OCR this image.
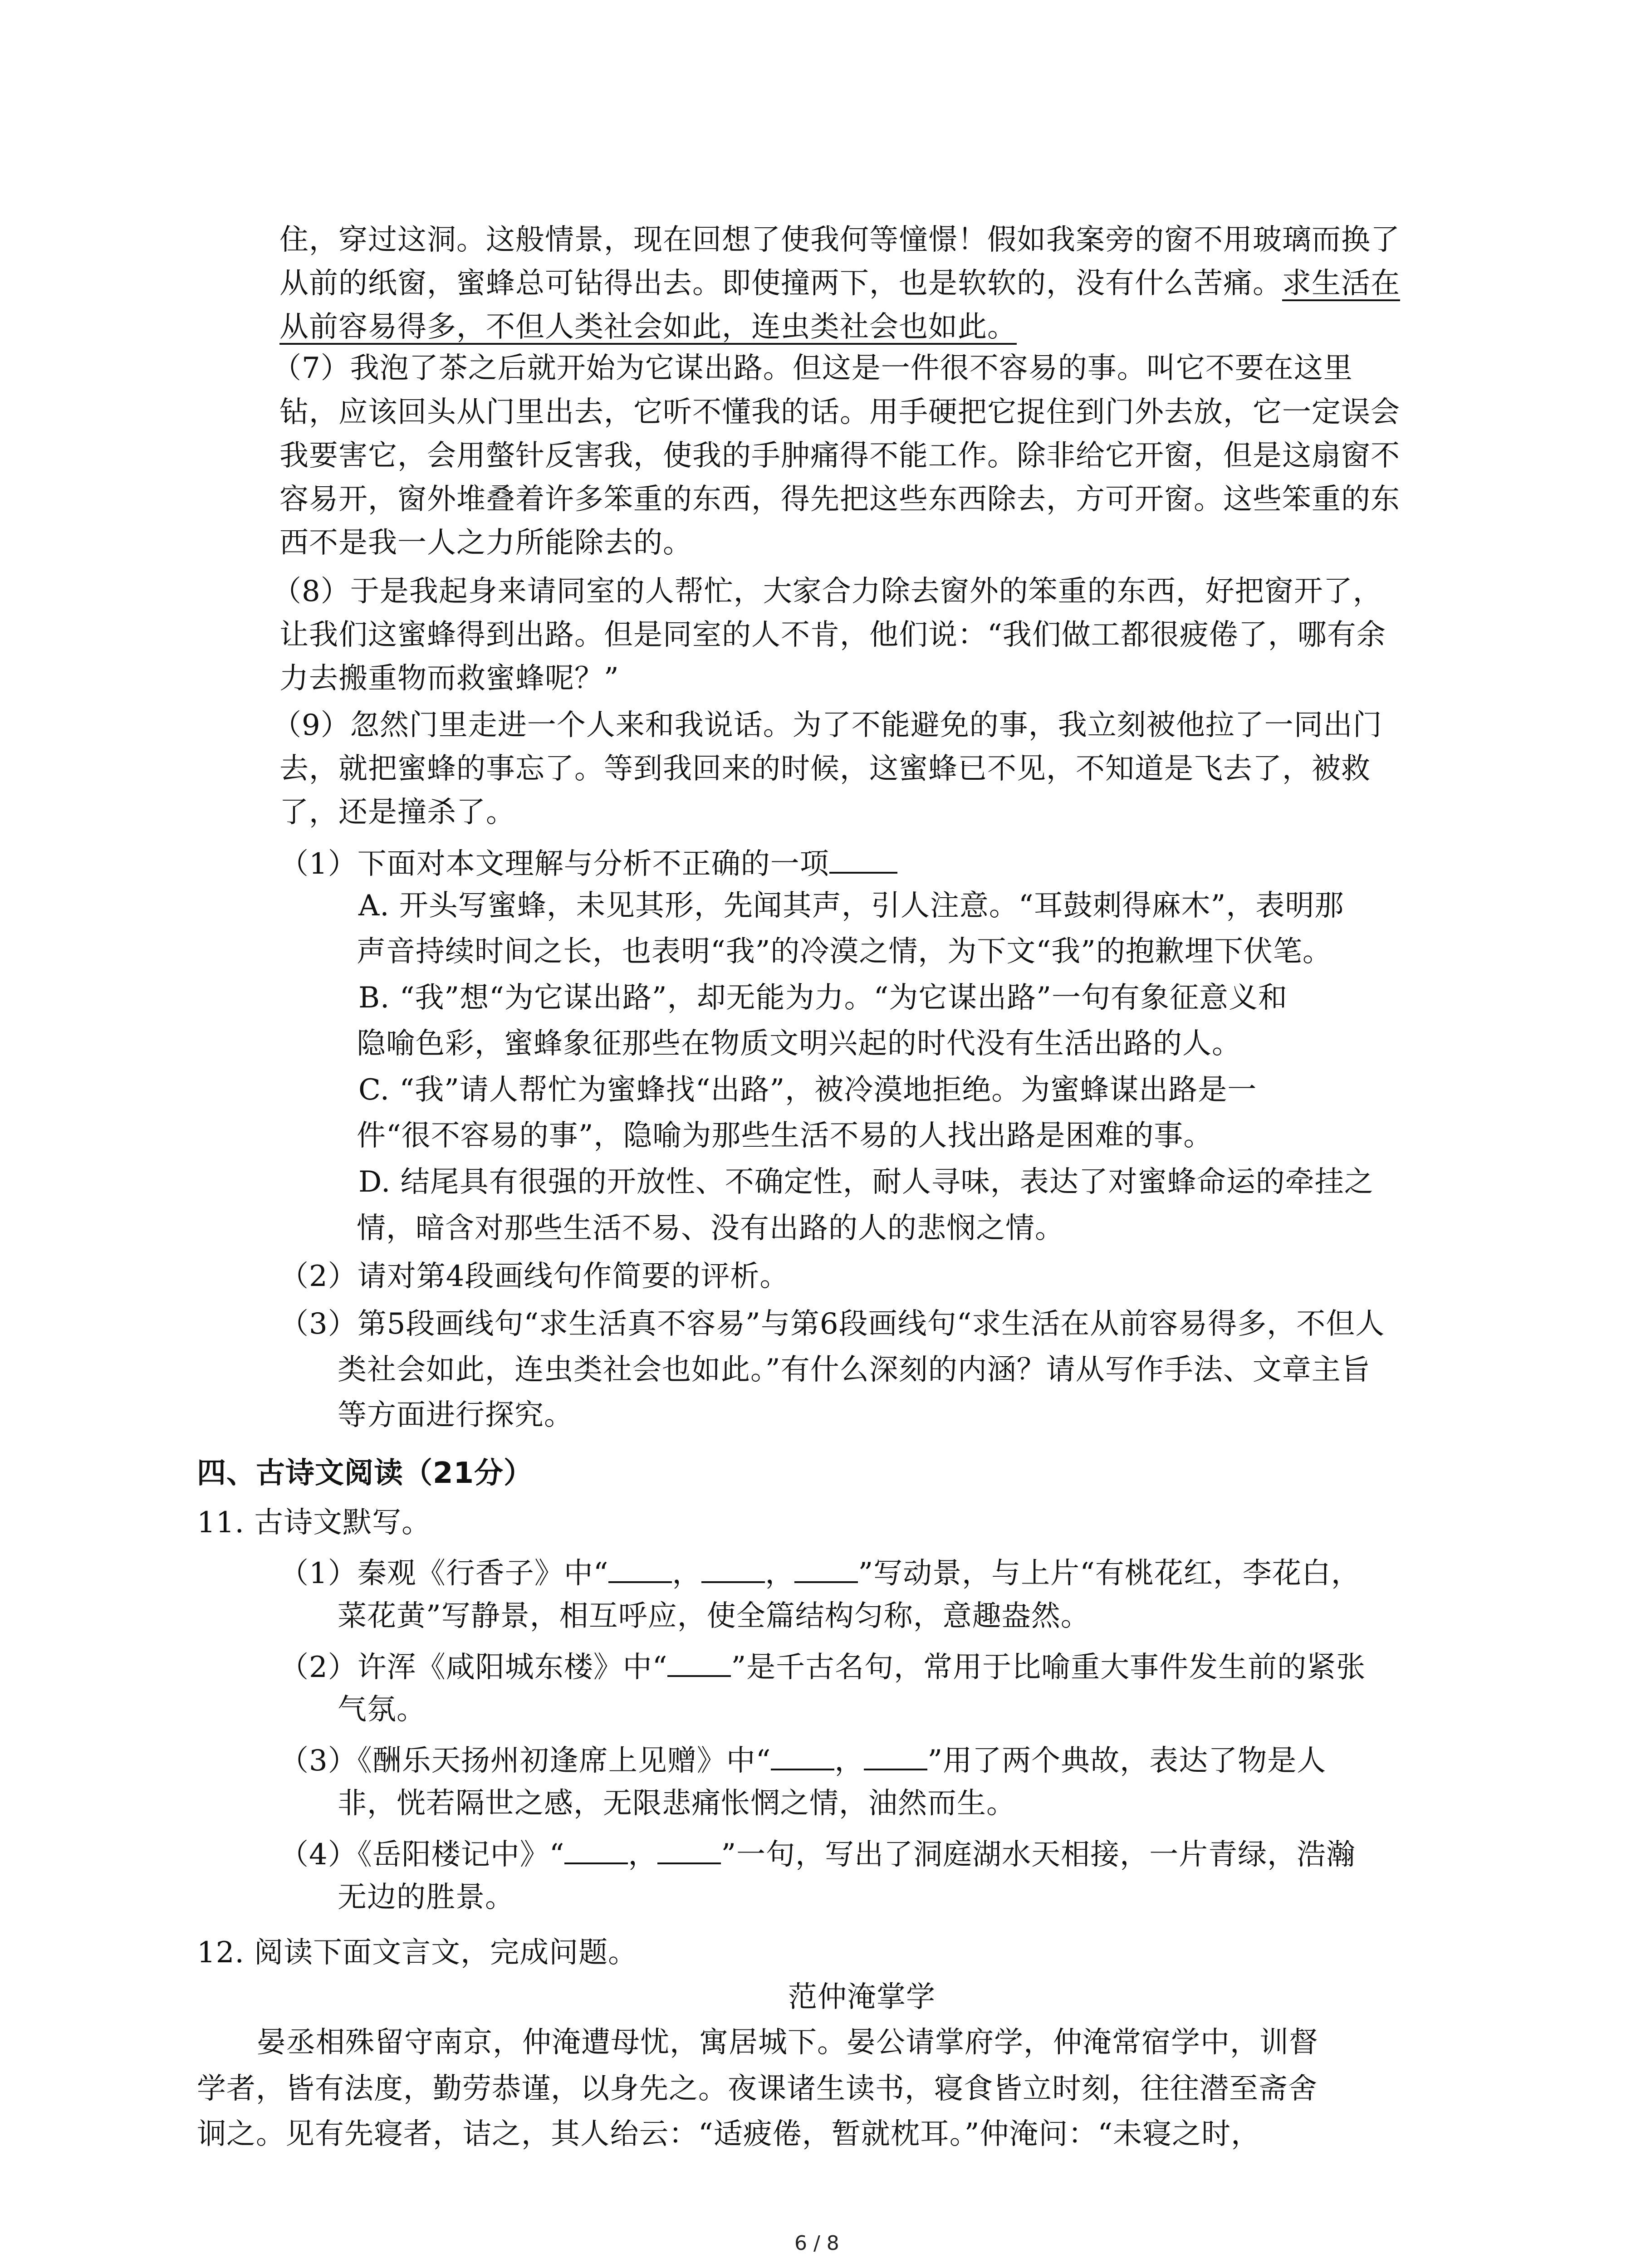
住，穿过这洞。这般情景，现在回想了使我何等憧憬！假如我案旁的窗不用玻璃而换了
从前的纸窗，蜜蜂总可钻得出去。即使撞两下，也是软软的，没有什么苦痛。求生活在
从前容易得多，不但人类社会如此，连虫类社会也如此。
（7）我泡了茶之后就开始为它谋出路。但这是一件很不容易的事。叫它不要在这里
钻，应该回头从门里出去，它听不懂我的话。用手硬把它捉住到门外去放，它一定误会
我要害它，会用螫针反害我，使我的手肿痛得不能工作。除非给它开窗，但是这扇窗不
容易开，窗外堆叠着许多笨重的东西，得先把这些东西除去，方可开窗。这些笨重的东
西不是我一人之力所能除去的。
（8）于是我起身来请同室的人帮忙，大家合力除去窗外的笨重的东西，好把窗开了，
让我们这蜜蜂得到出路。但是同室的人不肯，他们说：“我们做工都很疲倦了，哪有余
力去搬重物而救蜜蜂呢？”
（9）忽然门里走进一个人来和我说话。为了不能避免的事，我立刻被他拉了一同出门
去，就把蜜蜂的事忘了。等到我回来的时候，这蜜蜂已不见，不知道是飞去了，被救
了，还是撞杀了。
（1）下面对本文理解与分析不正确的一项
A. 开头写蜜蜂，未见其形，先闻其声，引人注意。“耳鼓刺得麻木”，表明那
声音持续时间之长，也表明“我”的冷漠之情，为下文“我”的抱歉埋下伏笔。
B. “我”想“为它谋出路”，却无能为力。“为它谋出路”一句有象征意义和
隐喻色彩，蜜蜂象征那些在物质文明兴起的时代没有生活出路的人。
C. “我”请人帮忙为蜜蜂找“出路”，被冷漠地拒绝。为蜜蜂谋出路是一
件“很不容易的事”，隐喻为那些生活不易的人找出路是困难的事。
D. 结尾具有很强的开放性、不确定性，耐人寻味，表达了对蜜蜂命运的牵挂之
情，暗含对那些生活不易、没有出路的人的悲悯之情。
（2）请对第4段画线句作简要的评析。
（3）第5段画线句“求生活真不容易”与第6段画线句“求生活在从前容易得多，不但人
类社会如此，连虫类社会也如此。”有什么深刻的内涵？请从写作手法、文章主旨
等方面进行探究。
四、古诗文阅读（21分）
11. 古诗文默写。
（1）秦观《行香子》中“ ， ， ”写动景，与上片“有桃花红，李花白，
菜花黄”写静景，相互呼应，使全篇结构匀称，意趣盎然。
（2）许浑《咸阳城东楼》中“ ”是千古名句，常用于比喻重大事件发生前的紧张
气氛。
（3）《酬乐天扬州初逢席上见赠》中“ ， ”用了两个典故，表达了物是人
非，恍若隔世之感，无限悲痛怅惘之情，油然而生。
（4）《岳阳楼记中》“ ， ”一句，写出了洞庭湖水天相接，一片青绿，浩瀚
无边的胜景。
12. 阅读下面文言文，完成问题。
范仲淹掌学
晏丞相殊留守南京，仲淹遭母忧，寓居城下。晏公请掌府学，仲淹常宿学中，训督
学者，皆有法度，勤劳恭谨，以身先之。夜课诸生读书，寝食皆立时刻，往往潜至斋舍
诇之。见有先寝者，诘之，其人绐云：“适疲倦，暂就枕耳。”仲淹问：“未寝之时，
6 / 8
